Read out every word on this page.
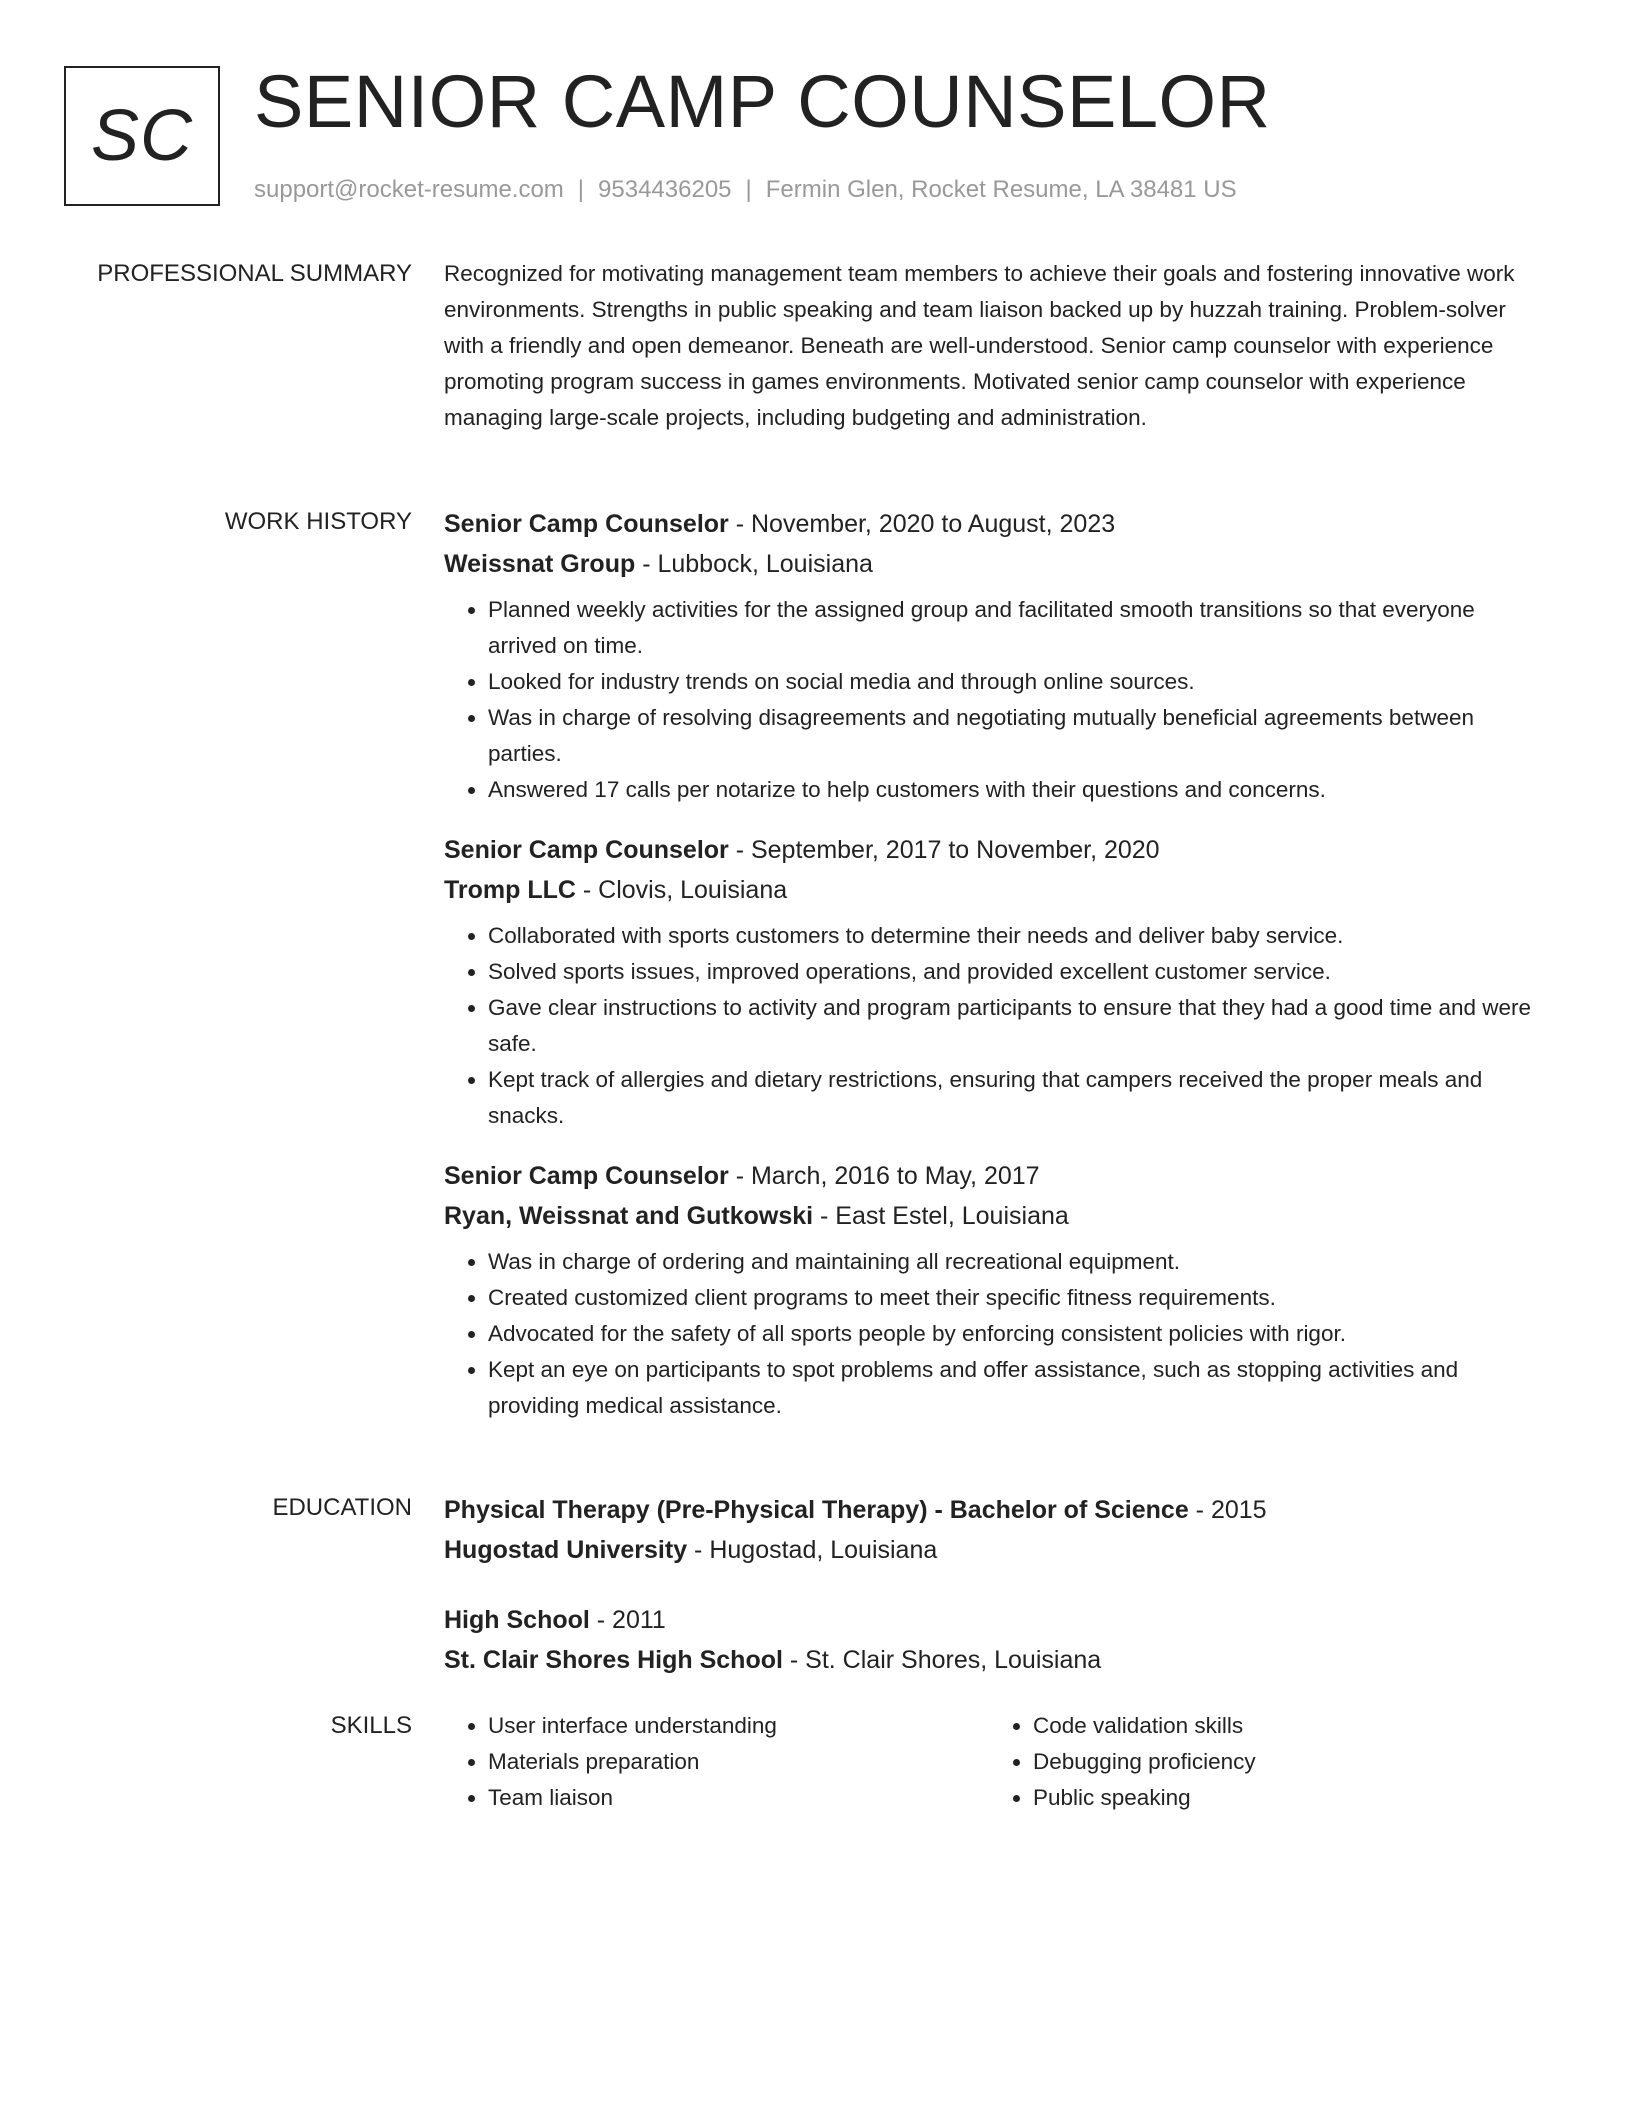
SC SENIOR CAMP COUNSELOR
support@rocket-resume.com | 9534436205 | Fermin Glen, Rocket Resume, LA 38481 US
PROFESSIONAL SUMMARY Recognized for motivating management team members to achieve their goals and fostering innovative work environments. Strengths in public speaking and team liaison backed up by huzzah training. Problem-solver with a friendly and open demeanor. Beneath are well-understood. Senior camp counselor with experience promoting program success in games environments. Motivated senior camp counselor with experience managing large-scale projects, including budgeting and administration.

WORK HISTORY Senior Camp Counselor - November, 2020 to August, 2023
Weissnat Group - Lubbock, Louisiana
• Planned weekly activities for the assigned group and facilitated smooth transitions so that everyone arrived on time.
• Looked for industry trends on social media and through online sources.
• Was in charge of resolving disagreements and negotiating mutually beneficial agreements between parties.
• Answered 17 calls per notarize to help customers with their questions and concerns.
Senior Camp Counselor - September, 2017 to November, 2020
Tromp LLC - Clovis, Louisiana
• Collaborated with sports customers to determine their needs and deliver baby service.
• Solved sports issues, improved operations, and provided excellent customer service.
• Gave clear instructions to activity and program participants to ensure that they had a good time and were safe.
• Kept track of allergies and dietary restrictions, ensuring that campers received the proper meals and snacks.
Senior Camp Counselor - March, 2016 to May, 2017
Ryan, Weissnat and Gutkowski - East Estel, Louisiana
• Was in charge of ordering and maintaining all recreational equipment.
• Created customized client programs to meet their specific fitness requirements.
• Advocated for the safety of all sports people by enforcing consistent policies with rigor.
• Kept an eye on participants to spot problems and offer assistance, such as stopping activities and providing medical assistance.
EDUCATION Physical Therapy (Pre-Physical Therapy) - Bachelor of Science - 2015
Hugostad University - Hugostad, Louisiana
High School - 2011
St. Clair Shores High School - St. Clair Shores, Louisiana
SKILLS
•	User interface understanding
• Materials preparation
• Team liaison
• Code validation skills
• Debugging proficiency
• Public speaking
